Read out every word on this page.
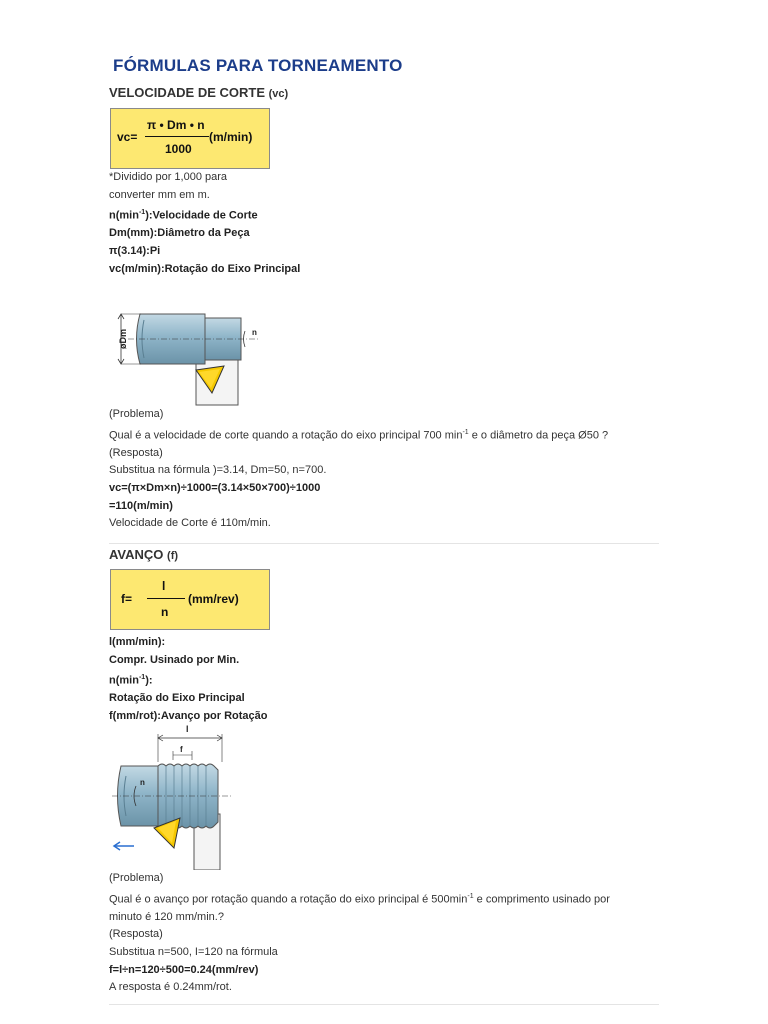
FÓRMULAS PARA TORNEAMENTO
VELOCIDADE DE CORTE (vc)
vc=
π • Dm • n
1000
(m/min)
*Dividido por 1,000 para
converter mm em m.
$n(\min^{-1}):Velocidade$ de Corte
Dm(mm):Diâmetro da Peça
π(3.14):Pi
vc(m/min):Rotação do Eixo Principal
øDm	n
(Problema)
Qual é a velocidade de corte quando a rotação do eixo principal 700 $\min^{-1} e$ o diâmetro da peça Ø50 ?
(Resposta)
Substitua na fórmula )=3.14, Dm=50, n=700.
vc=(π×Dm×n)÷1000=(3.14×50×700)÷1000
=110(m/min)
Velocidade de Corte é 110m/min.
AVANÇO (f)
f=
l
n
(mm/rev)
l(mm/min):
Compr. Usinado por Min.
$n(\min^{-1})$:
Rotação do Eixo Principal
f(mm/rot):Avanço por Rotação
l
f
n
(Problema)
Qual é o avanço por rotação quando a rotação do eixo principal é $500\min^{-1}$ e comprimento usinado por
minuto é 120 mm/min.?
(Resposta)
Substitua n=500, I=120 na fórmula
f=l÷n=120÷500=0.24(mm/rev)
A resposta é 0.24mm/rot.
